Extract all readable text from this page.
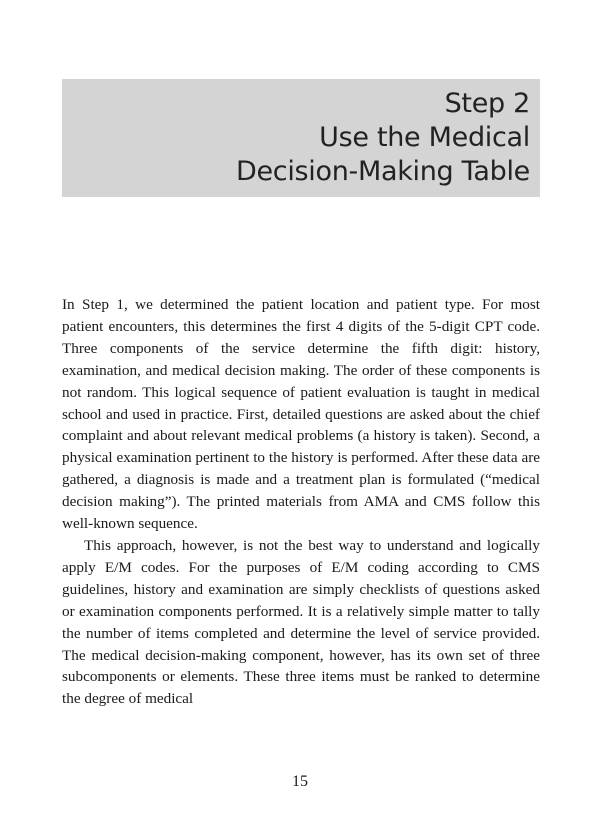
Step 2
Use the Medical
Decision-Making Table

In Step 1, we determined the patient location and patient type. For most patient encounters, this determines the first 4 digits of the 5-digit CPT code. Three components of the service determine the fifth digit: history, examination, and medical decision making. The order of these components is not random. This logical sequence of patient evaluation is taught in medical school and used in practice. First, detailed questions are asked about the chief complaint and about relevant medical problems (a history is taken). Second, a physical examination pertinent to the history is performed. After these data are gathered, a diagnosis is made and a treatment plan is formulated (“medical decision making”). The printed materials from AMA and CMS follow this well-known sequence.

This approach, however, is not the best way to understand and logically apply E/M codes. For the purposes of E/M coding according to CMS guidelines, history and examination are simply checklists of questions asked or examination components performed. It is a relatively simple matter to tally the number of items completed and determine the level of service provided. The medical decision-making component, however, has its own set of three subcomponents or elements. These three items must be ranked to determine the degree of medical

15
